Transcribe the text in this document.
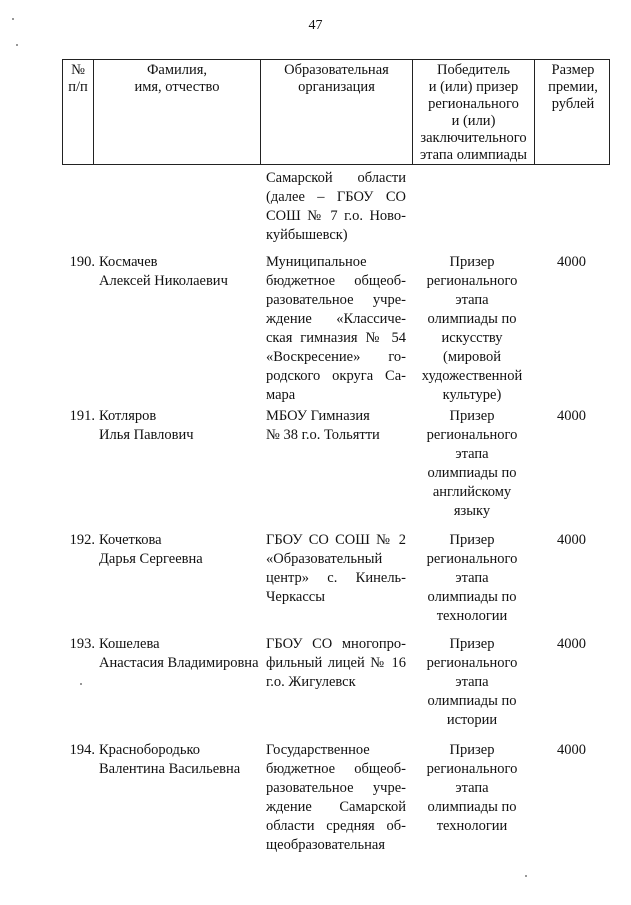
47
№
п/п
Фамилия,
имя, отчество
Образовательная
организация
Победитель
и (или) призер
регионального
и (или)
заключительного
этапа олимпиады
Размер
премии,
рублей
Самарской области (далее – ГБОУ СО СОШ № 7 г.о. Ново- куйбышевск)
190. Космачев
Алексей Николаевич
Муниципальное
бюджетное общеоб-
разовательное учре-
ждение «Классиче-
ская гимназия № 54
«Воскресение» го-
родского округа Са-
мара
Призер
регионального
этапа
олимпиады по
искусству
(мировой
художественной
культуре)
4000
191. Котляров
Илья Павлович
МБОУ Гимназия
№ 38 г.о. Тольятти
Призер
регионального
этапа
олимпиады по
английскому
языку
4000
192. Кочеткова
Дарья Сергеевна
ГБОУ СО СОШ № 2
«Образовательный
центр» с. Кинель-
Черкассы
Призер
регионального
этапа
олимпиады по
технологии
4000
193. Кошелева
Анастасия Владимировна
ГБОУ СО многопро-
фильный лицей № 16
г.о. Жигулевск
Призер
регионального
этапа
олимпиады по
истории
4000
194. Краснобородько
Валентина Васильевна
Государственное
бюджетное общеоб-
разовательное учре-
ждение Самарской
области средняя об-
щеобразовательная
Призер
регионального
этапа
олимпиады по
технологии
4000
